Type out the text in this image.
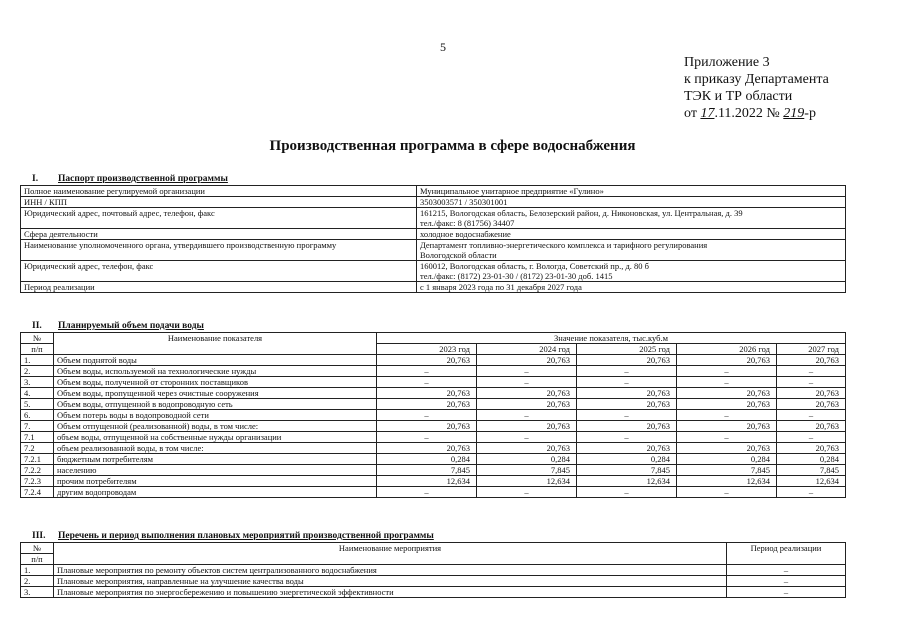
5
Приложение 3
к приказу Департамента
ТЭК и ТР области
от 17.11.2022 № 219-р
Производственная программа в сфере водоснабжения
I. Паспорт производственной программы
Полное наименование регулируемой организации	Муниципальное унитарное предприятие «Гулино»

ИНН / КПП	3503003571 / 350301001

Юридический адрес, почтовый адрес, телефон, факс	161215, Вологодская область, Белозерский район, д. Никоновская, ул. Центральная, д. 39
тел./факс: 8 (81756) 34407

Сфера деятельности	холодное водоснабжение

Наименование уполномоченного органа, утвердившего производственную программу	Департамент топливно-энергетического комплекса и тарифного регулирования
Вологодской области

Юридический адрес, телефон, факс	160012, Вологодская область, г. Вологда, Советский пр., д. 80 б
тел./факс: (8172) 23-01-30 / (8172) 23-01-30 доб. 1415

Период реализации	с 1 января 2023 года по 31 декабря 2027 года
II. Планируемый объем подачи воды
№	Наименование показателя	Значение показателя, тыс.куб.м				
п/п		2023 год	2024 год	2025 год	2026 год	2027 год
1.	Объем поднятой воды	20,763	20,763	20,763	20,763	20,763
2.	Объем воды, используемой на технологические нужды	–	–	–	–	–
3.	Объем воды, полученной от сторонних поставщиков	–	–	–	–	–
4.	Объем воды, пропущенной через очистные сооружения	20,763	20,763	20,763	20,763	20,763
5.	Объем воды, отпущенной в водопроводную сеть	20,763	20,763	20,763	20,763	20,763
6.	Объем потерь воды в водопроводной сети	–	–	–	–	–
7.	Объем отпущенной (реализованной) воды, в том числе:	20,763	20,763	20,763	20,763	20,763
7.1	объем воды, отпущенной на собственные нужды организации	–	–	–	–	–
7.2	объем реализованной воды, в том числе:	20,763	20,763	20,763	20,763	20,763
7.2.1	бюджетным потребителям	0,284	0,284	0,284	0,284	0,284
7.2.2	населению	7,845	7,845	7,845	7,845	7,845
7.2.3	прочим потребителям	12,634	12,634	12,634	12,634	12,634
7.2.4	другим водопроводам	–	–	–	–	–
III. Перечень и период выполнения плановых мероприятий производственной программы
№	Наименование мероприятия	Период реализации
п/п		
1.	Плановые мероприятия по ремонту объектов систем централизованного водоснабжения	–
2.	Плановые мероприятия, направленные на улучшение качества воды	–
3.	Плановые мероприятия по энергосбережению и повышению энергетической эффективности	–
